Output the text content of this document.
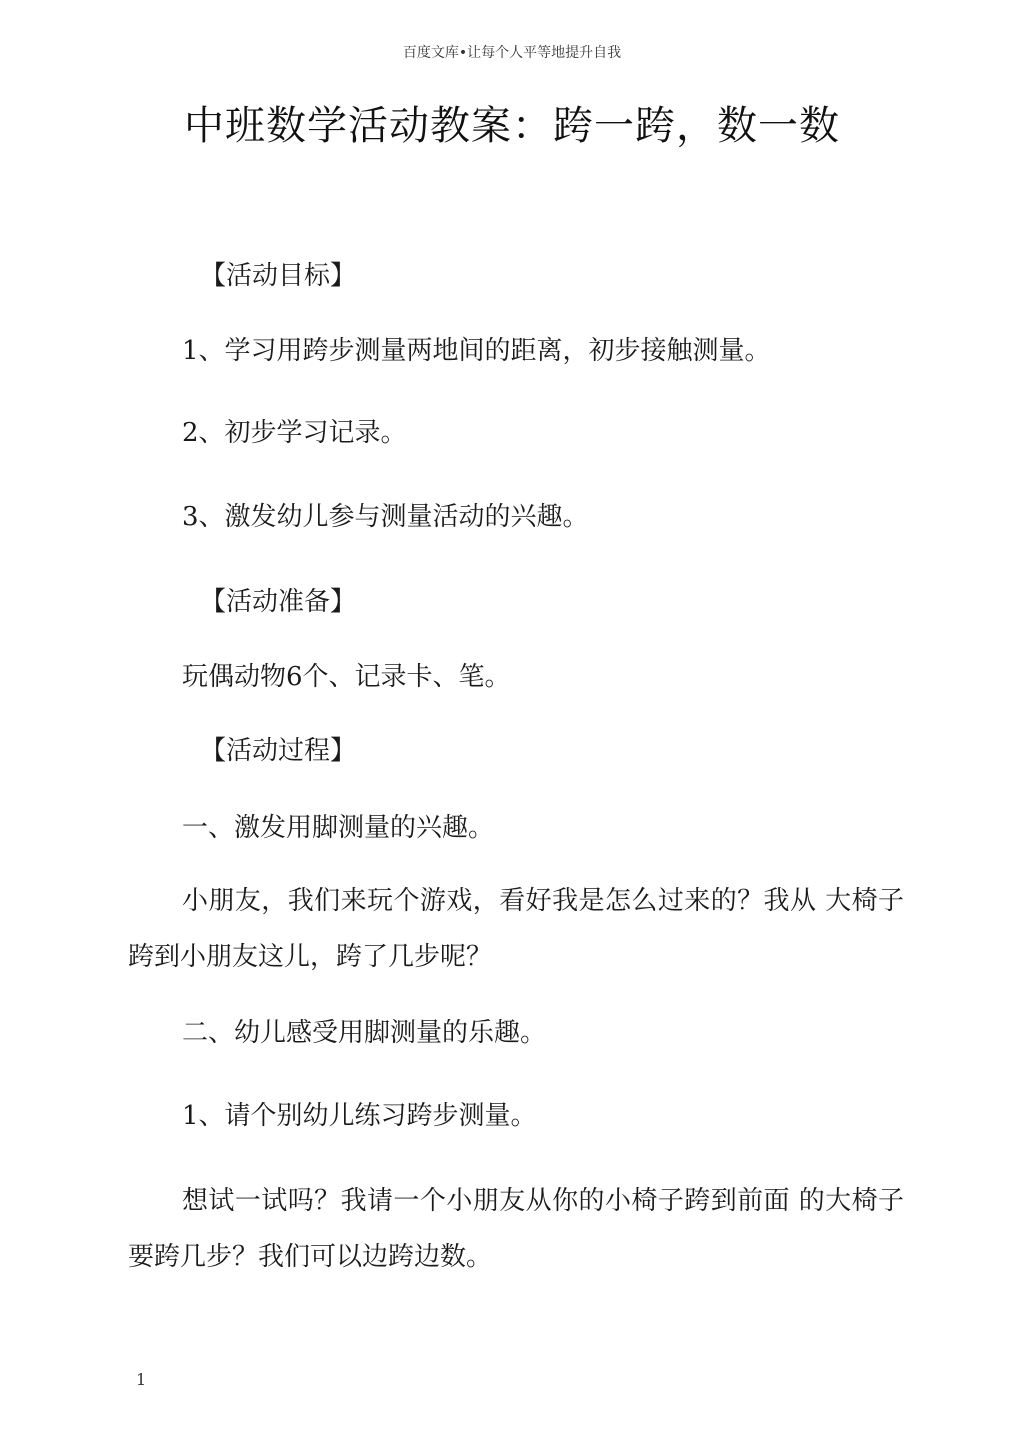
百度文库•让每个人平等地提升自我
中班数学活动教案：跨一跨，数一数
【活动目标】
1、学习用跨步测量两地间的距离，初步接触测量。
2、初步学习记录。
3、激发幼儿参与测量活动的兴趣。
【活动准备】
玩偶动物6个、记录卡、笔。
【活动过程】
一、激发用脚测量的兴趣。
小朋友，我们来玩个游戏，看好我是怎么过来的？我从 大椅子跨到小朋友这儿，跨了几步呢？
二、幼儿感受用脚测量的乐趣。
1、请个别幼儿练习跨步测量。
想试一试吗？我请一个小朋友从你的小椅子跨到前面 的大椅子要跨几步？我们可以边跨边数。
1
